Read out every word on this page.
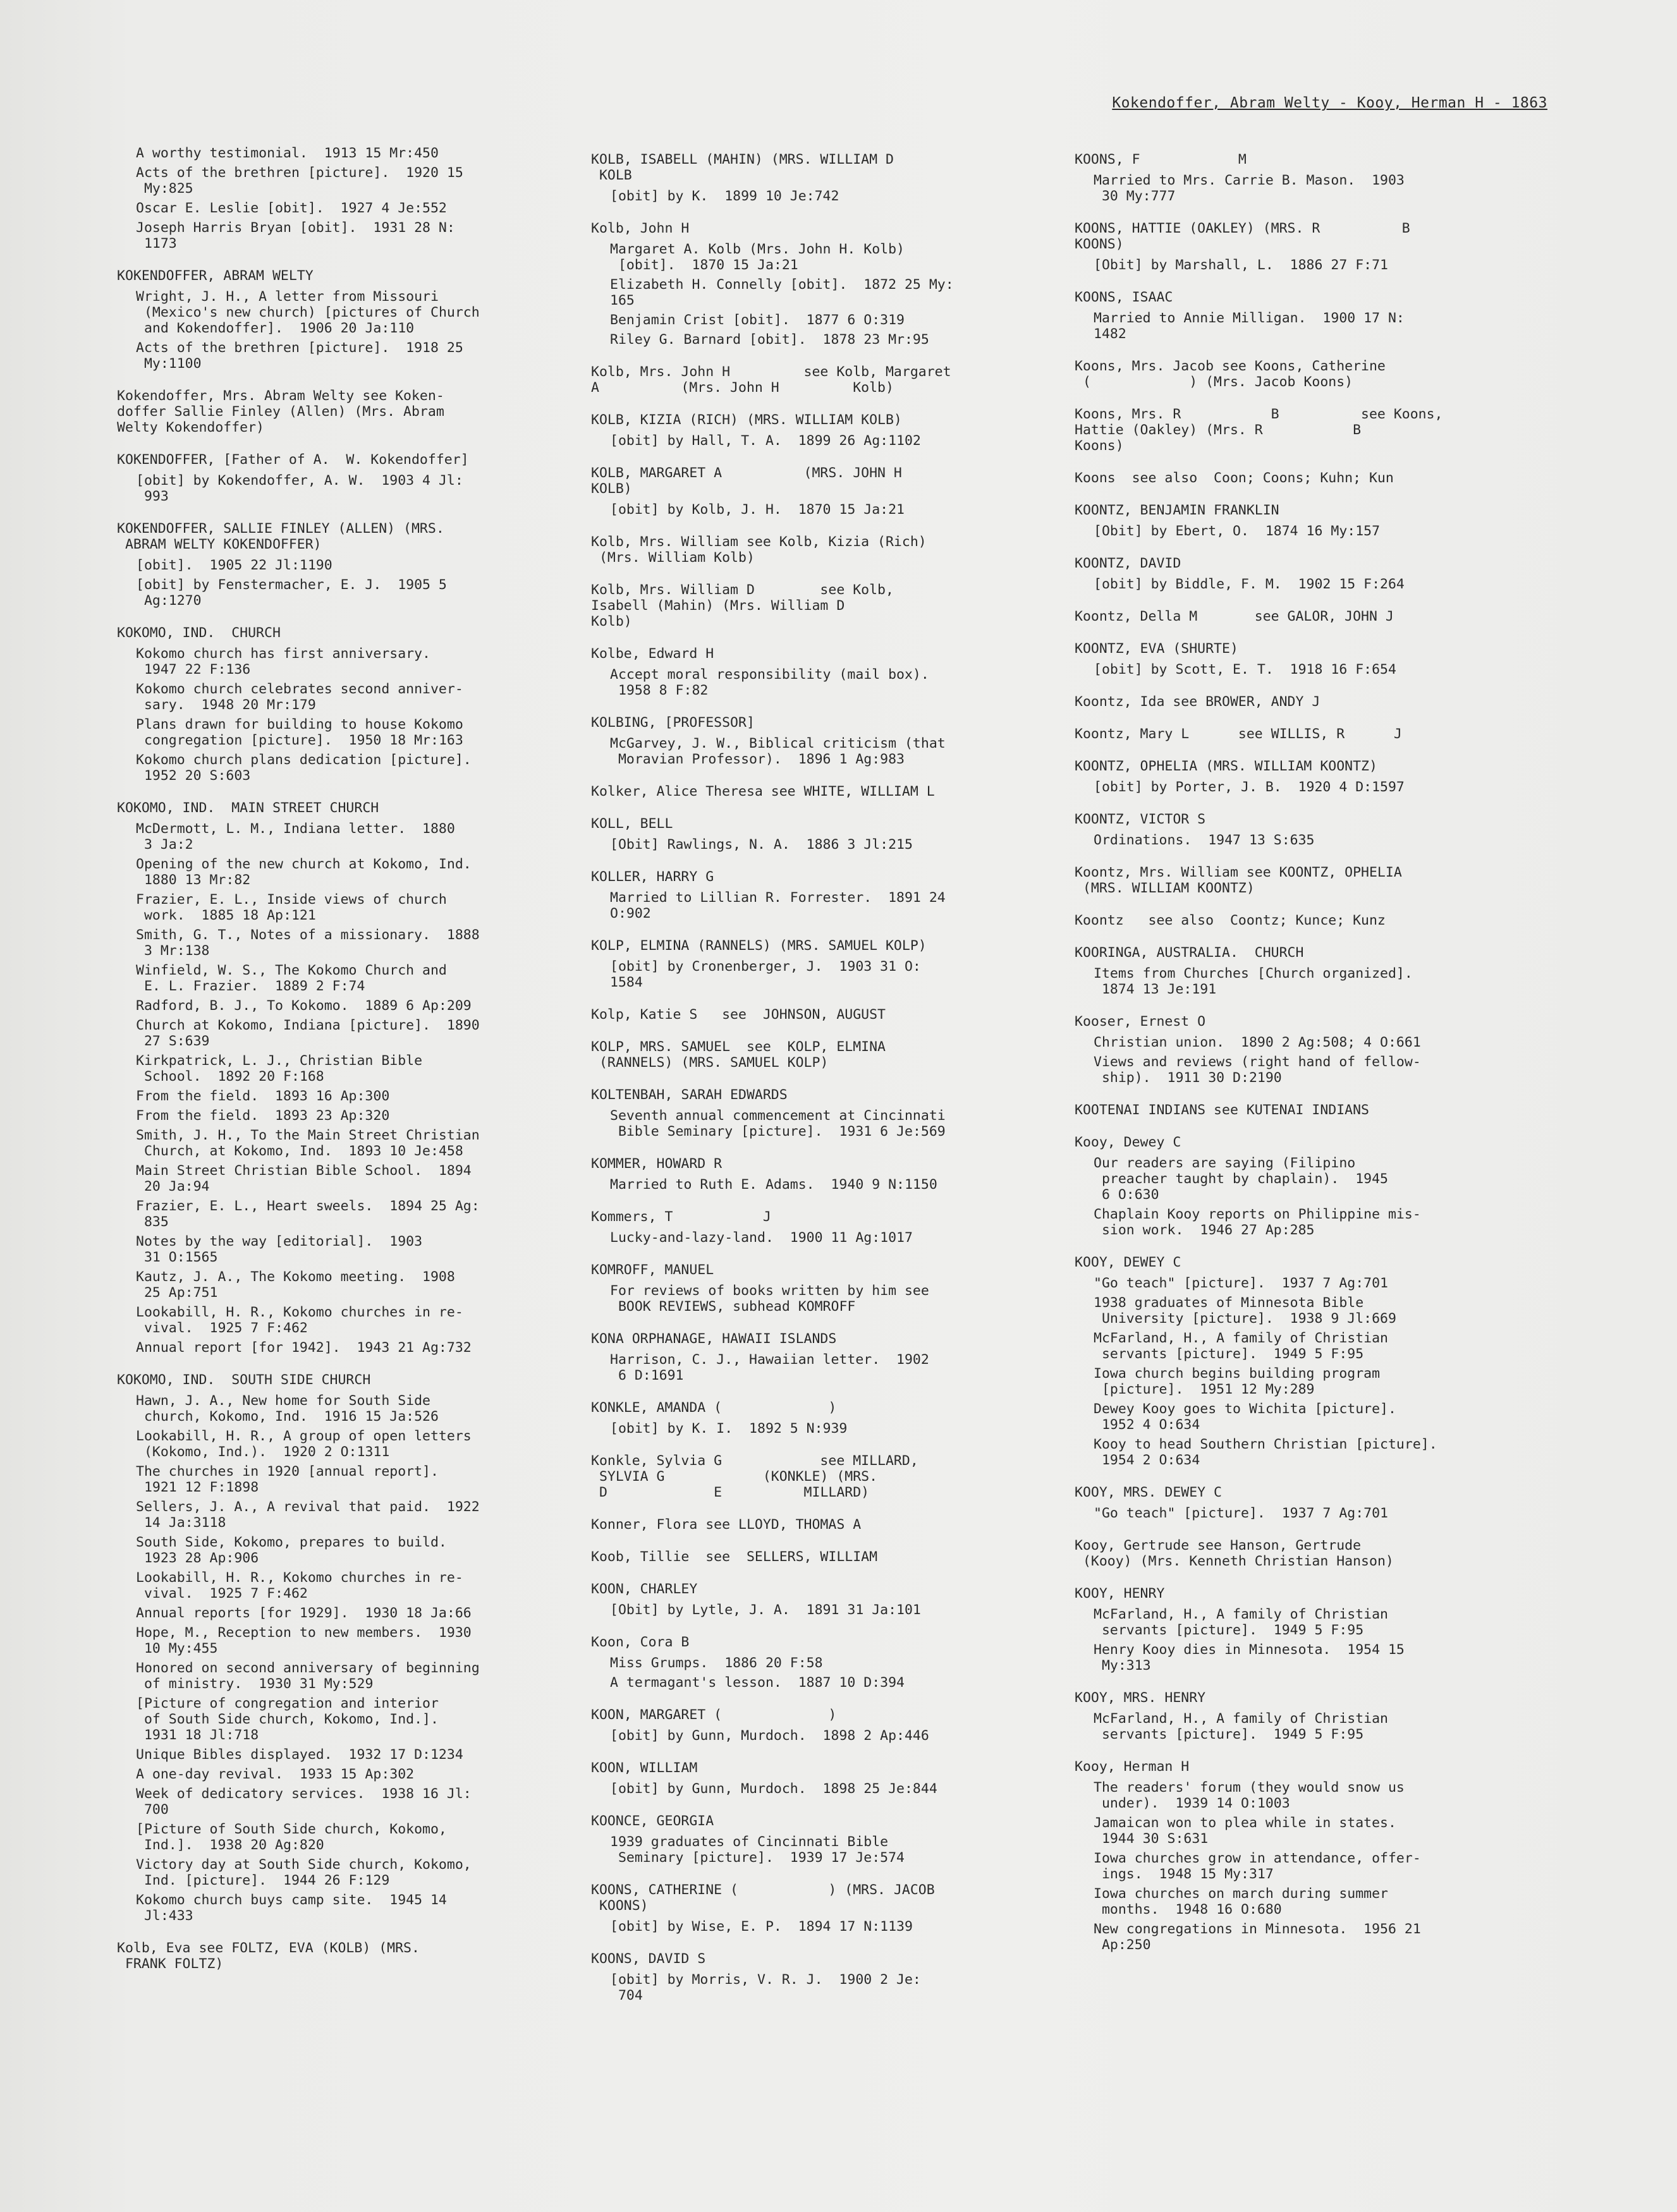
Kokendoffer, Abram Welty - Kooy, Herman H - 1863
A worthy testimonial.  1913 15 Mr:450
Acts of the brethren [picture].  1920 15
My:825
Oscar E. Leslie [obit].  1927 4 Je:552
Joseph Harris Bryan [obit].  1931 28 N:
1173
KOKENDOFFER, ABRAM WELTY
Wright, J. H., A letter from Missouri
(Mexico's new church) [pictures of Church
and Kokendoffer].  1906 20 Ja:110
Acts of the brethren [picture].  1918 25
My:1100
Kokendoffer, Mrs. Abram Welty see Koken-
doffer Sallie Finley (Allen) (Mrs. Abram
Welty Kokendoffer)
KOKENDOFFER, [Father of A.  W. Kokendoffer]
[obit] by Kokendoffer, A. W.  1903 4 Jl:
993
KOKENDOFFER, SALLIE FINLEY (ALLEN) (MRS.
ABRAM WELTY KOKENDOFFER)
[obit].  1905 22 Jl:1190
[obit] by Fenstermacher, E. J.  1905 5
Ag:1270
KOKOMO, IND.  CHURCH
Kokomo church has first anniversary.
1947 22 F:136
Kokomo church celebrates second anniver-
sary.  1948 20 Mr:179
Plans drawn for building to house Kokomo
congregation [picture].  1950 18 Mr:163
Kokomo church plans dedication [picture].
1952 20 S:603
KOKOMO, IND.  MAIN STREET CHURCH
McDermott, L. M., Indiana letter.  1880
3 Ja:2
Opening of the new church at Kokomo, Ind.
1880 13 Mr:82
Frazier, E. L., Inside views of church
work.  1885 18 Ap:121
Smith, G. T., Notes of a missionary.  1888
3 Mr:138
Winfield, W. S., The Kokomo Church and
E. L. Frazier.  1889 2 F:74
Radford, B. J., To Kokomo.  1889 6 Ap:209
Church at Kokomo, Indiana [picture].  1890
27 S:639
Kirkpatrick, L. J., Christian Bible
School.  1892 20 F:168
From the field.  1893 16 Ap:300
From the field.  1893 23 Ap:320
Smith, J. H., To the Main Street Christian
Church, at Kokomo, Ind.  1893 10 Je:458
Main Street Christian Bible School.  1894
20 Ja:94
Frazier, E. L., Heart sweels.  1894 25 Ag:
835
Notes by the way [editorial].  1903
31 O:1565
Kautz, J. A., The Kokomo meeting.  1908
25 Ap:751
Lookabill, H. R., Kokomo churches in re-
vival.  1925 7 F:462
Annual report [for 1942].  1943 21 Ag:732
KOKOMO, IND.  SOUTH SIDE CHURCH
Hawn, J. A., New home for South Side
church, Kokomo, Ind.  1916 15 Ja:526
Lookabill, H. R., A group of open letters
(Kokomo, Ind.).  1920 2 O:1311
The churches in 1920 [annual report].
1921 12 F:1898
Sellers, J. A., A revival that paid.  1922
14 Ja:3118
South Side, Kokomo, prepares to build.
1923 28 Ap:906
Lookabill, H. R., Kokomo churches in re-
vival.  1925 7 F:462
Annual reports [for 1929].  1930 18 Ja:66
Hope, M., Reception to new members.  1930
10 My:455
Honored on second anniversary of beginning
of ministry.  1930 31 My:529
[Picture of congregation and interior
of South Side church, Kokomo, Ind.].
1931 18 Jl:718
Unique Bibles displayed.  1932 17 D:1234
A one-day revival.  1933 15 Ap:302
Week of dedicatory services.  1938 16 Jl:
700
[Picture of South Side church, Kokomo,
Ind.].  1938 20 Ag:820
Victory day at South Side church, Kokomo,
Ind. [picture].  1944 26 F:129
Kokomo church buys camp site.  1945 14
Jl:433
Kolb, Eva see FOLTZ, EVA (KOLB) (MRS.
FRANK FOLTZ)
KOLB, ISABELL (MAHIN) (MRS. WILLIAM D
KOLB
[obit] by K.  1899 10 Je:742
Kolb, John H
Margaret A. Kolb (Mrs. John H. Kolb)
[obit].  1870 15 Ja:21
Elizabeth H. Connelly [obit].  1872 25 My:
165
Benjamin Crist [obit].  1877 6 O:319
Riley G. Barnard [obit].  1878 23 Mr:95
Kolb, Mrs. John H         see Kolb, Margaret
A          (Mrs. John H         Kolb)
KOLB, KIZIA (RICH) (MRS. WILLIAM KOLB)
[obit] by Hall, T. A.  1899 26 Ag:1102
KOLB, MARGARET A          (MRS. JOHN H
KOLB)
[obit] by Kolb, J. H.  1870 15 Ja:21
Kolb, Mrs. William see Kolb, Kizia (Rich)
(Mrs. William Kolb)
Kolb, Mrs. William D        see Kolb,
Isabell (Mahin) (Mrs. William D
Kolb)
Kolbe, Edward H
Accept moral responsibility (mail box).
1958 8 F:82
KOLBING, [PROFESSOR]
McGarvey, J. W., Biblical criticism (that
Moravian Professor).  1896 1 Ag:983
Kolker, Alice Theresa see WHITE, WILLIAM L
KOLL, BELL
[Obit] Rawlings, N. A.  1886 3 Jl:215
KOLLER, HARRY G
Married to Lillian R. Forrester.  1891 24
O:902
KOLP, ELMINA (RANNELS) (MRS. SAMUEL KOLP)
[obit] by Cronenberger, J.  1903 31 O:
1584
Kolp, Katie S   see  JOHNSON, AUGUST
KOLP, MRS. SAMUEL  see  KOLP, ELMINA
(RANNELS) (MRS. SAMUEL KOLP)
KOLTENBAH, SARAH EDWARDS
Seventh annual commencement at Cincinnati
Bible Seminary [picture].  1931 6 Je:569
KOMMER, HOWARD R
Married to Ruth E. Adams.  1940 9 N:1150
Kommers, T           J
Lucky-and-lazy-land.  1900 11 Ag:1017
KOMROFF, MANUEL
For reviews of books written by him see
BOOK REVIEWS, subhead KOMROFF
KONA ORPHANAGE, HAWAII ISLANDS
Harrison, C. J., Hawaiian letter.  1902
6 D:1691
KONKLE, AMANDA (             )
[obit] by K. I.  1892 5 N:939
Konkle, Sylvia G            see MILLARD,
SYLVIA G            (KONKLE) (MRS.
D             E          MILLARD)
Konner, Flora see LLOYD, THOMAS A
Koob, Tillie  see  SELLERS, WILLIAM
KOON, CHARLEY
[Obit] by Lytle, J. A.  1891 31 Ja:101
Koon, Cora B
Miss Grumps.  1886 20 F:58
A termagant's lesson.  1887 10 D:394
KOON, MARGARET (             )
[obit] by Gunn, Murdoch.  1898 2 Ap:446
KOON, WILLIAM
[obit] by Gunn, Murdoch.  1898 25 Je:844
KOONCE, GEORGIA
1939 graduates of Cincinnati Bible
Seminary [picture].  1939 17 Je:574
KOONS, CATHERINE (           ) (MRS. JACOB
KOONS)
[obit] by Wise, E. P.  1894 17 N:1139
KOONS, DAVID S
[obit] by Morris, V. R. J.  1900 2 Je:
704
KOONS, F            M
Married to Mrs. Carrie B. Mason.  1903
30 My:777
KOONS, HATTIE (OAKLEY) (MRS. R          B
KOONS)
[Obit] by Marshall, L.  1886 27 F:71
KOONS, ISAAC
Married to Annie Milligan.  1900 17 N:
1482
Koons, Mrs. Jacob see Koons, Catherine
(            ) (Mrs. Jacob Koons)
Koons, Mrs. R           B          see Koons,
Hattie (Oakley) (Mrs. R           B
Koons)
Koons  see also  Coon; Coons; Kuhn; Kun
KOONTZ, BENJAMIN FRANKLIN
[Obit] by Ebert, O.  1874 16 My:157
KOONTZ, DAVID
[obit] by Biddle, F. M.  1902 15 F:264
Koontz, Della M       see GALOR, JOHN J
KOONTZ, EVA (SHURTE)
[obit] by Scott, E. T.  1918 16 F:654
Koontz, Ida see BROWER, ANDY J
Koontz, Mary L      see WILLIS, R      J
KOONTZ, OPHELIA (MRS. WILLIAM KOONTZ)
[obit] by Porter, J. B.  1920 4 D:1597
KOONTZ, VICTOR S
Ordinations.  1947 13 S:635
Koontz, Mrs. William see KOONTZ, OPHELIA
(MRS. WILLIAM KOONTZ)
Koontz   see also  Coontz; Kunce; Kunz
KOORINGA, AUSTRALIA.  CHURCH
Items from Churches [Church organized].
1874 13 Je:191
Kooser, Ernest O
Christian union.  1890 2 Ag:508; 4 O:661
Views and reviews (right hand of fellow-
ship).  1911 30 D:2190
KOOTENAI INDIANS see KUTENAI INDIANS
Kooy, Dewey C
Our readers are saying (Filipino
preacher taught by chaplain).  1945
6 O:630
Chaplain Kooy reports on Philippine mis-
sion work.  1946 27 Ap:285
KOOY, DEWEY C
"Go teach" [picture].  1937 7 Ag:701
1938 graduates of Minnesota Bible
University [picture].  1938 9 Jl:669
McFarland, H., A family of Christian
servants [picture].  1949 5 F:95
Iowa church begins building program
[picture].  1951 12 My:289
Dewey Kooy goes to Wichita [picture].
1952 4 O:634
Kooy to head Southern Christian [picture].
1954 2 O:634
KOOY, MRS. DEWEY C
"Go teach" [picture].  1937 7 Ag:701
Kooy, Gertrude see Hanson, Gertrude
(Kooy) (Mrs. Kenneth Christian Hanson)
KOOY, HENRY
McFarland, H., A family of Christian
servants [picture].  1949 5 F:95
Henry Kooy dies in Minnesota.  1954 15
My:313
KOOY, MRS. HENRY
McFarland, H., A family of Christian
servants [picture].  1949 5 F:95
Kooy, Herman H
The readers' forum (they would snow us
under).  1939 14 O:1003
Jamaican won to plea while in states.
1944 30 S:631
Iowa churches grow in attendance, offer-
ings.  1948 15 My:317
Iowa churches on march during summer
months.  1948 16 O:680
New congregations in Minnesota.  1956 21
Ap:250
